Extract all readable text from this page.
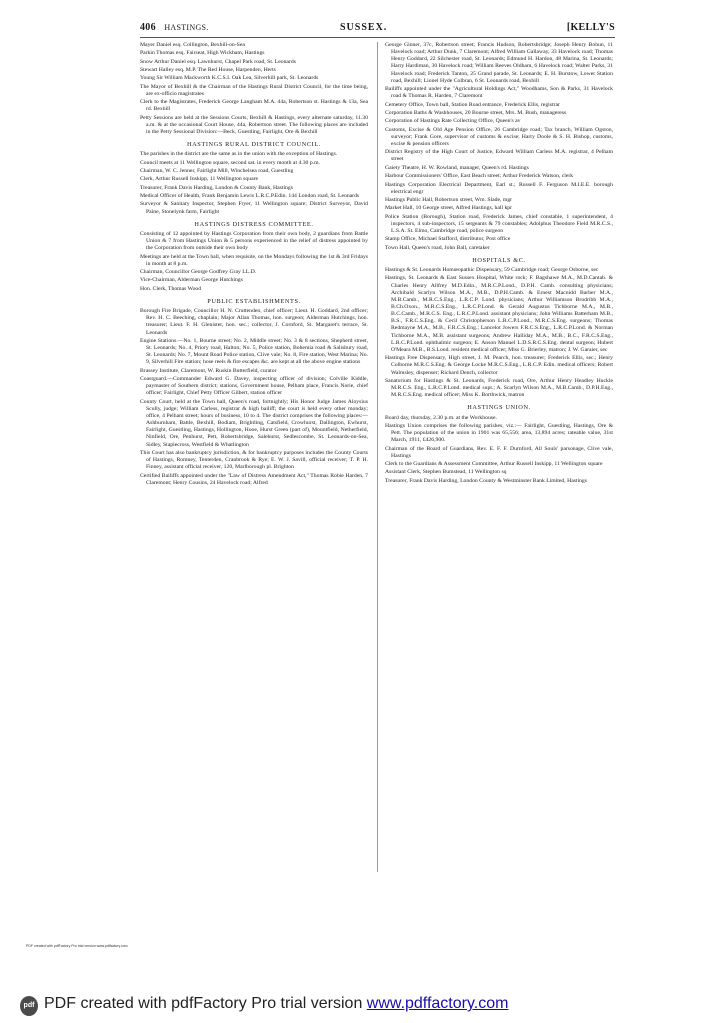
406 HASTINGS.	SUSSEX.	[KELLY'S

Mayer Daniel esq. Collington, Bexhill-on-Sea

Parkin Thomas esq. Fairseat, High Wickham, Hastings

Snow Arthur Daniel esq. Lawnhurst, Chapel Park road, St. Leonards

Stewart Halley esq. M.P. The Red House, Harpenden, Herts

Young Sir William Mackworth K.C.S.I. Oak Lea, Silverhill park, St. Leonards

The Mayor of Bexhill & the Chairman of the Hastings Rural District Council, for the time being, are ex-officio magistrates

Clerk to the Magistrates, Frederick George Langham M.A. 44a, Robertson st. Hastings & 13a, Sea rd. Bexhill

Petty Sessions are held at the Sessions Courts, Bexhill & Hastings, every alternate saturday, 11.30 a.m. & at the occasional Court House, 44a, Robertson street. The following places are included in the Petty Sessional Division:—Beck, Guestling, Fairlight, Ore & Bexhill

HASTINGS RURAL DISTRICT COUNCIL.

The parishes in the district are the same as in the union with the exception of Hastings.

Council meets at 11 Wellington square, second sat. in every month at 4.30 p.m.

Chairman, W. C. Jenner, Fairlight Mill, Winchelsea road, Guestling

Clerk, Arthur Russell Inskipp, 11 Wellington square

Treasurer, Frank Davis Harding, London & County Bank, Hastings

Medical Officer of Health, Frank Benjamin Lewis L.R.C.P.Edin. 144 London road, St. Leonards

Surveyor & Sanitary Inspector, Stephen Fryer, 11 Wellington square; District Surveyor, David Paine, Stonelynk farm, Fairlight

HASTINGS DISTRESS COMMITTEE.

Consisting of 12 appointed by Hastings Corporation from their own body, 2 guardians from Battle Union & 7 from Hastings Union & 5 persons experienced in the relief of distress appointed by the Corporation from outside their own body

Meetings are held at the Town hall, when requisite, on the Mondays following the 1st & 3rd Fridays in month at 8 p.m.

Chairman, Councillor George Godfrey Gray LL.D.

Vice-Chairman, Alderman George Hutchings

Hon. Clerk, Thomas Wood

PUBLIC ESTABLISHMENTS.

Borough Fire Brigade, Councillor H. N. Cruttenden, chief officer; Lieut. H. Goddard, 2nd officer; Rev. H. C. Beeching, chaplain; Major Allan Thomas, hon. surgeon; Alderman Hutchings, hon. treasurer; Lieut. F. H. Glenister, hon. sec.; collector, J. Cornford, St. Margaret's terrace, St. Leonards

Engine Stations.—No. 1, Bourne street; No. 2, Middle street; No. 3 & 8 sections, Shepherd street, St. Leonards; No. 4, Priory road, Halton; No. 5, Police station, Bohemia road & Salisbury road, St. Leonards; No. 7, Mount Road Police station, Clive vale; No. 8, Fire station, West Marina; No. 9, Silverhill Fire station; hose reels & fire escapes &c. are kept at all the above engine stations

Brassey Institute, Claremont, W. Ruskin Butterfield, curator

Coastguard.—Commander Edward G. Davey, inspecting officer of division; Colville Kiddle, paymaster of Southern district; stations, Government house, Pelham place, Francis Norie, chief officer; Fairlight, Chief Petty Officer Gilbert, station officer

County Court, held at the Town hall, Queen's road, fortnightly; His Honor Judge James Aloysius Scully, judge; William Carless, registrar & high bailiff; the court is held every other monday; office, 4 Pelham street; hours of business, 10 to 4. The district comprises the following places:—Ashburnham, Battle, Bexhill, Bodiam, Brightling, Catsfield, Crowhurst, Dallington, Ewhurst, Fairlight, Guestling, Hastings, Hollington, Hooe, Hurst Green (part of), Mountfield, Netherfield, Ninfield, Ore, Penhurst, Pett, Robertsbridge, Salehurst, Sedlescombe, St. Leonards-on-Sea, Sidley, Staplecross, Westfield & Whatlington

This Court has also bankruptcy jurisdiction, & for bankruptcy purposes includes the County Courts of Hastings, Romney, Tenterden, Cranbrook & Rye; E. W. J. Savill, official receiver; T. P. H. Finney, assistant official receiver, 120, Marlborough pl. Brighton

Certified Bailiffs appointed under the "Law of Distress Amendment Act," Thomas Robie Harden, 7 Claremont; Henry Cousins, 24 Havelock road; Alfred

George Ginner, 37c, Robertson street; Francis Hudson, Robertsbridge; Joseph Henry Bohun, 11 Havelock road; Arthur Dunk, 7 Claremont; Alfred William Gallaway, 33 Havelock road; Thomas Henry Goddard, 22 Silchester road, St. Leonards; Edmund H. Hardon, 48 Marina, St. Leonards; Harry Hardiman, 30 Havelock road; William Reeves Oldham, 6 Havelock road; Walter Parks, 31 Havelock road; Frederick Tanton, 25 Grand parade, St. Leonards; E. H. Burstow, Lower Station road, Bexhill; Lionel Hyde Colbran, 6 St. Leonards road, Bexhill

Bailiffs appointed under the "Agricultural Holdings Act," Woodhams, Son & Parks, 31 Havelock road & Thomas R. Harden, 7 Claremont

Cemetery Office, Town hall, Station Road entrance, Frederick Ellis, registrar

Corporation Baths & Washhouses, 20 Bourne street, Mrs. M. Bush, manageress

Corporation of Hastings Rate Collecting Office, Queen's av

Customs, Excise & Old Age Pension Office, 26 Cambridge road; Tax branch, William Ogston, surveyor; Frank Gore, supervisor of customs & excise; Harry Doole & S. H. Bishop, customs, excise & pension officers

District Registry of the High Court of Justice, Edward William Carless M.A. registrar, 4 Pelham street

Gaiety Theatre, H. W. Rowland, manager, Queen's rd. Hastings

Harbour Commissioners' Office, East Beach street; Arthur Frederick Watson, clerk

Hastings Corporation Electrical Department, Earl st.; Russell F. Ferguson M.I.E.E. borough electrical engr

Hastings Public Hall, Robertson street, Wm. Slade, mgr

Market Hall, 10 George street, Alfred Hastings, hall kpr

Police Station (Borough), Station road, Frederick James, chief constable, 1 superintendent, 4 inspectors, 4 sub-inspectors, 15 sergeants & 79 constables; Adolphus Theodore Field M.R.C.S., L.S.A. St. Elmo, Cambridge road, police surgeon

Stamp Office, Michael Stafford, distributor, Post office

Town Hall, Queen's road, John Ball, caretaker

HOSPITALS &C.

Hastings & St. Leonards Homœopathic Dispensary, 59 Cambridge road; George Osborne, sec

Hastings, St. Leonards & East Sussex Hospital, White rock; F. Bagshawe M.A., M.D.Cantab. & Charles Henry Allfrey M.D.Edin., M.R.C.P.Lond., D.P.H. Camb. consulting physicians; Archibald Scarlyn Wilson M.A., M.B., D.P.H.Camb. & Ernest Macnidd Barber M.A., M.B.Camb., M.R.C.S.Eng., L.R.C.P. Lond. physicians; Arthur Williamson Brodribb M.A., B.Ch.Oxon., M.R.C.S.Eng., L.R.C.P.Lond. & Gerald Augustus Tichborne M.A., M.B., B.C.Camb., M.R.C.S. Eng., L.R.C.P.Lond. assistant physicians; John Williams Batterham M.B., B.S., F.R.C.S.Eng. & Cecil Christopherson L.R.C.P.Lond., M.R.C.S.Eng. surgeons; Thomas Redmayne M.A., M.B., F.R.C.S.Eng.; Lancelot Jowers F.R.C.S.Eng., L.R.C.P.Lond. & Norman Tichborne M.A., M.B. assistant surgeons; Andrew Halliday M.A., M.B., B.C., F.R.C.S.Eng., L.R.C.P.Lond. ophthalmic surgeon; E. Anson Manuel L.D.S.R.C.S.Eng. dental surgeon; Hubert O'Meara M.B., B.S.Lond. resident medical officer; Miss G. Brierley, matron; J. W. Garaier, sec

Hastings Free Dispensary, High street, J. M. Pearch, hon. treasurer; Frederick Ellis, sec.; Henry Colborne M.R.C.S.Eng. & George Locke M.R.C.S.Eng., L.R.C.P. Edin. medical officers; Robert Walmsley, dispenser; Richard Dench, collector

Sanatorium for Hastings & St. Leonards, Frederick road, Ore, Arthur Henry Headley Huckle M.R.C.S. Eng., L.R.C.P.Lond. medical supt.; A. Scarlyn Wilson M.A., M.B.Camb., D.P.H.Eng., M.R.C.S.Eng. medical officer; Miss K. Borthwick, matron

HASTINGS UNION.

Board day, thursday, 2.30 p.m. at the Workhouse.

Hastings Union comprises the following parishes, viz.:— Fairlight, Guestling, Hastings, Ore & Pett. The population of the union in 1901 was 65,556; area, 13,894 acres; rateable value, 31st March, 1911, £426,900.

Chairman of the Board of Guardians, Rev. E. F. F. Durnford, All Souls' parsonage, Clive vale, Hastings

Clerk to the Guardians & Assessment Committee, Arthur Russell Inskipp, 11 Wellington square

Assistant Clerk, Stephen Bumstead, 11 Wellington sq

Treasurer, Frank Davis Harding, London County & Westminster Bank Limited, Hastings

PDF created with pdfFactory Pro trial version www.pdffactory.com
pdf PDF created with pdfFactory Pro trial version www.pdffactory.com
